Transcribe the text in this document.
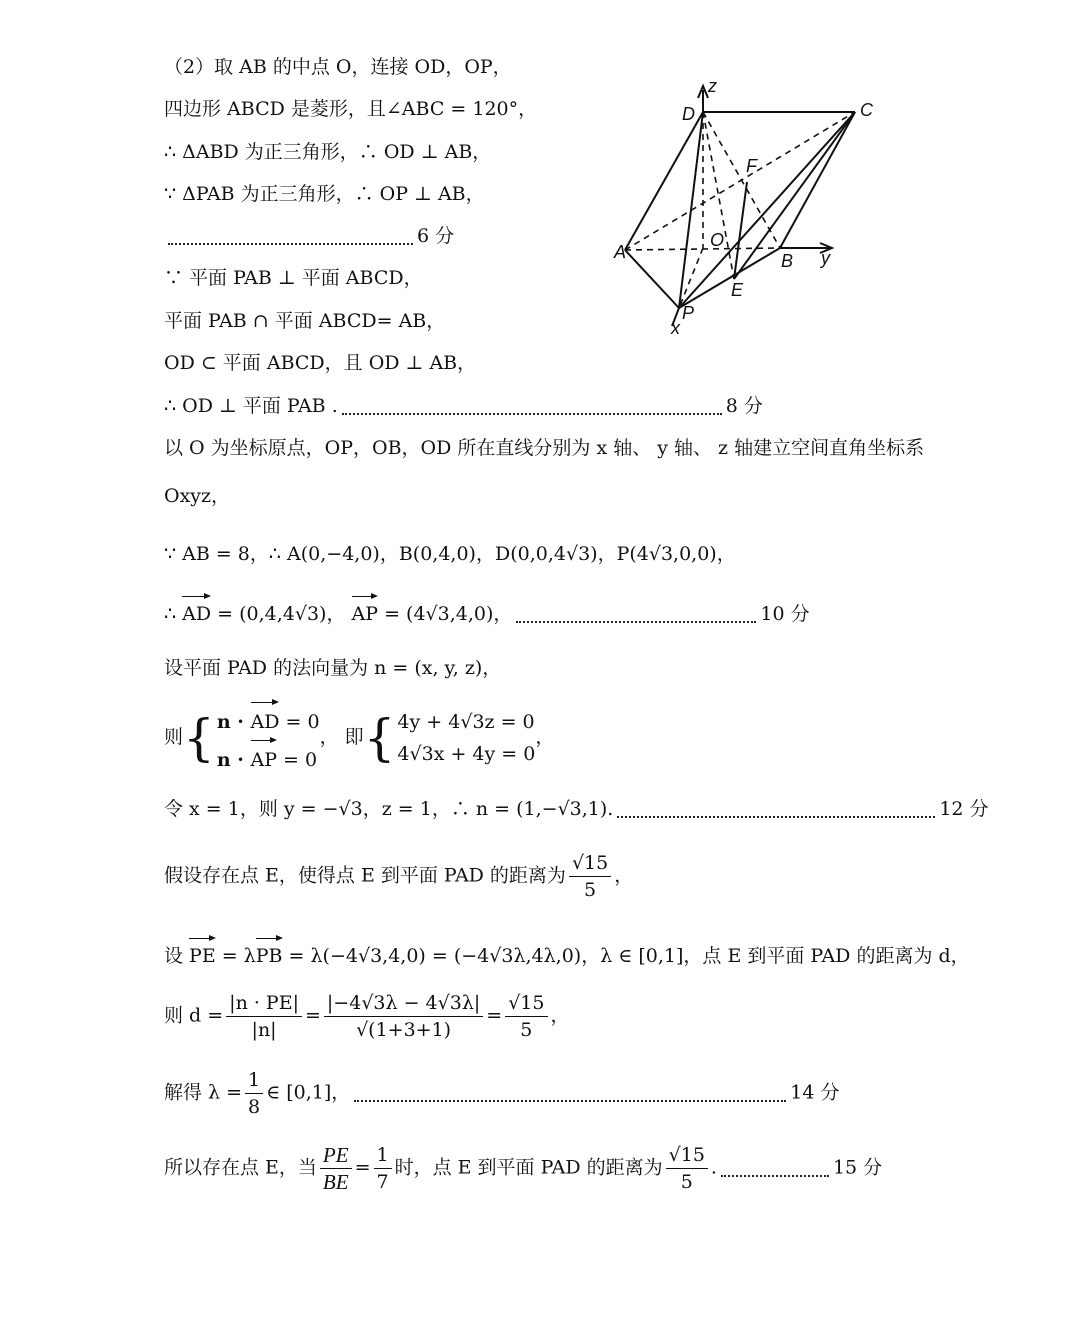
（2）取 AB 的中点 O，连接 OD，OP，
四边形 ABCD 是菱形，且∠ABC = 120°，
∴ ΔABD 为正三角形，∴ OD ⊥ AB，
∵ ΔPAB 为正三角形，∴ OP ⊥ AB，
6 分
∵ 平面 PAB ⊥ 平面 ABCD，
平面 PAB ∩ 平面 ABCD= AB，
OD ⊂ 平面 ABCD，且 OD ⊥ AB，
∴ OD ⊥ 平面 PAB .	8 分
以 O 为坐标原点，OP，OB，OD 所在直线分别为 x 轴、 y 轴、 z 轴建立空间直角坐标系
Oxyz，
∵ AB = 8，∴ A(0,−4,0)，B(0,4,0)，D(0,0,4√3)，P(4√3,0,0)，
∴ AD = (0,4,4√3)， AP = (4√3,4,0)，	10 分
设平面 PAD 的法向量为 n = (x, y, z)，
则{ n · AD = 0
n · AP = 0
， 即{ 4y + 4√3z = 0
4√3x + 4y = 0
，
令 x = 1，则 y = −√3，z = 1，∴ n = (1,−√3,1).	12 分
假设存在点 E，使得点 E 到平面 PAD 的距离为 $\frac{√15}{5}$ ，
设 PE = λPB = λ(−4√3,4,0) = (−4√3λ,4λ,0)，λ ∈ [0,1]，点 E 到平面 PAD 的距离为 d，
则 $d = \frac{|n \cdot PE|}{|n|} = \frac{|-4√3\lambda - 4√3\lambda|}{√(1+3+1)} = \frac{√15}{5}$ ，
解得 $\lambda = \frac{1}{8}$ ∈ [0,1]，	14 分
所以存在点 E，当 $\frac{PE}{BE} = \frac{1}{7}$ 时，点 E 到平面 PAD 的距离为 $\frac{√15}{5}$ .	15 分
z
D	C
F
O
A	B y
E
P
x
